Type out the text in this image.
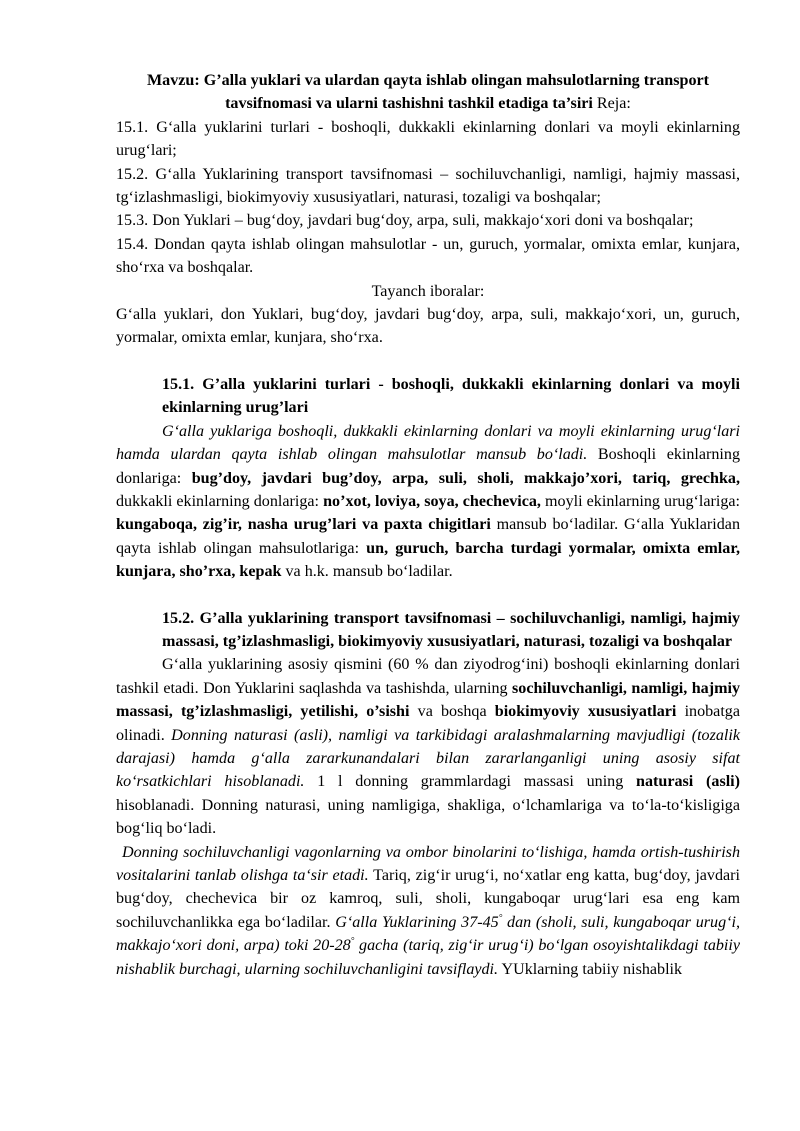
Mavzu: G’alla yuklari va ulardan qayta ishlab olingan mahsulotlarning transport tavsifnomasi va ularni tashishni tashkil etadiga ta’siri Reja:

15.1. G‘alla yuklarini turlari - boshoqli, dukkakli ekinlarning donlari va moyli ekinlarning urug‘lari;

15.2. G‘alla Yuklarining transport tavsifnomasi – sochiluvchanligi, namligi, hajmiy massasi, tg‘izlashmasligi, biokimyoviy xususiyatlari, naturasi, tozaligi va boshqalar;

15.3. Don Yuklari – bug‘doy, javdari bug‘doy, arpa, suli, makkajo‘xori doni va boshqalar;

15.4. Dondan qayta ishlab olingan mahsulotlar - un, guruch, yormalar, omixta emlar, kunjara, sho‘rxa va boshqalar.

Tayanch iboralar:

G‘alla yuklari, don Yuklari, bug‘doy, javdari bug‘doy, arpa, suli, makkajo‘xori, un, guruch, yormalar, omixta emlar, kunjara, sho‘rxa.

15.1. G’alla yuklarini turlari - boshoqli, dukkakli ekinlarning donlari va moyli ekinlarning urug’lari

G‘alla yuklariga boshoqli, dukkakli ekinlarning donlari va moyli ekinlarning urug‘lari hamda ulardan qayta ishlab olingan mahsulotlar mansub bo‘ladi. Boshoqli ekinlarning donlariga: bug’doy, javdari bug’doy, arpa, suli, sholi, makkajo’xori, tariq, grechka, dukkakli ekinlarning donlariga: no’xot, loviya, soya, chechevica, moyli ekinlarning urug‘lariga: kungaboqa, zig’ir, nasha urug’lari va paxta chigitlari mansub bo‘ladilar. G‘alla Yuklaridan qayta ishlab olingan mahsulotlariga: un, guruch, barcha turdagi yormalar, omixta emlar, kunjara, sho’rxa, kepak va h.k. mansub bo‘ladilar.

15.2. G’alla yuklarining transport tavsifnomasi – sochiluvchanligi, namligi, hajmiy massasi, tg’izlashmasligi, biokimyoviy xususiyatlari, naturasi, tozaligi va boshqalar

G‘alla yuklarining asosiy qismini (60 % dan ziyodrog‘ini) boshoqli ekinlarning donlari tashkil etadi. Don Yuklarini saqlashda va tashishda, ularning sochiluvchanligi, namligi, hajmiy massasi, tg’izlashmasligi, yetilishi, o’sishi va boshqa biokimyoviy xususiyatlari inobatga olinadi. Donning naturasi (asli), namligi va tarkibidagi aralashmalarning mavjudligi (tozalik darajasi) hamda g‘alla zararkunandalari bilan zararlanganligi uning asosiy sifat ko‘rsatkichlari hisoblanadi. 1 l donning grammlardagi massasi uning naturasi (asli) hisoblanadi. Donning naturasi, uning namligiga, shakliga, o‘lchamlariga va to‘la-to‘kisligiga bog‘liq bo‘ladi.

Donning sochiluvchanligi vagonlarning va ombor binolarini to‘lishiga, hamda ortish-tushirish vositalarini tanlab olishga ta‘sir etadi. Tariq, zig‘ir urug‘i, no‘xatlar eng katta, bug‘doy, javdari bug‘doy, chechevica bir oz kamroq, suli, sholi, kungaboqar urug‘lari esa eng kam sochiluvchanlikka ega bo‘ladilar. G‘alla Yuklarining 37-45° dan (sholi, suli, kungaboqar urug‘i, makkajo‘xori doni, arpa) toki 20-28° gacha (tariq, zig‘ir urug‘i) bo‘lgan osoyishtalikdagi tabiiy nishablik burchagi, ularning sochiluvchanligini tavsiflaydi. YUklarning tabiiy nishablik
